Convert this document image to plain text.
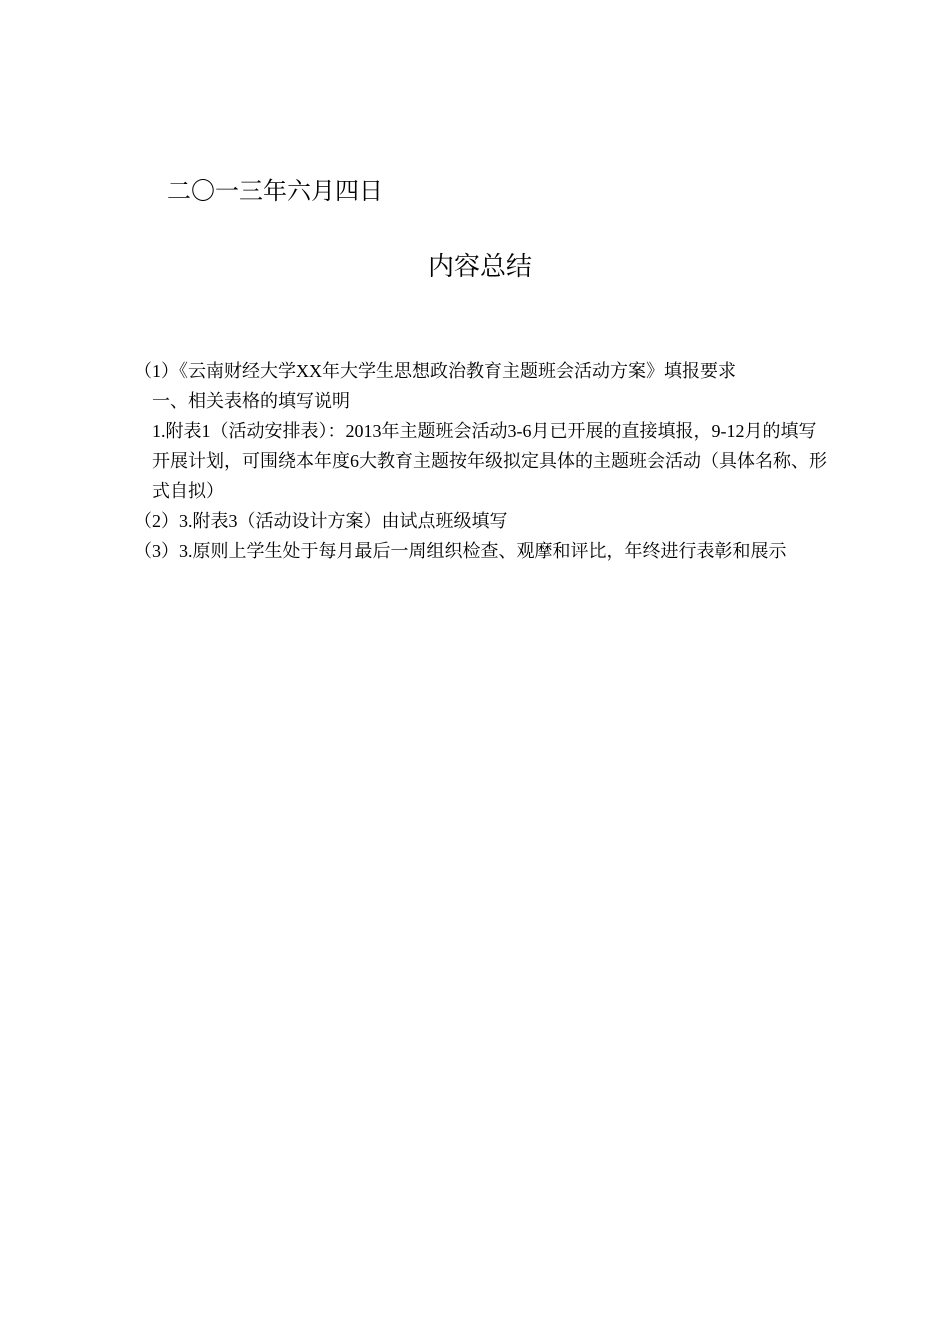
二〇一三年六月四日
内容总结

（1）《云南财经大学XX年大学生思想政治教育主题班会活动方案》填报要求

一、相关表格的填写说明

1.附表1（活动安排表）：2013年主题班会活动3-6月已开展的直接填报，9-12月的填写开展计划，可围绕本年度6大教育主题按年级拟定具体的主题班会活动（具体名称、形式自拟）

（2）3.附表3（活动设计方案）由试点班级填写

（3）3.原则上学生处于每月最后一周组织检查、观摩和评比，年终进行表彰和展示
